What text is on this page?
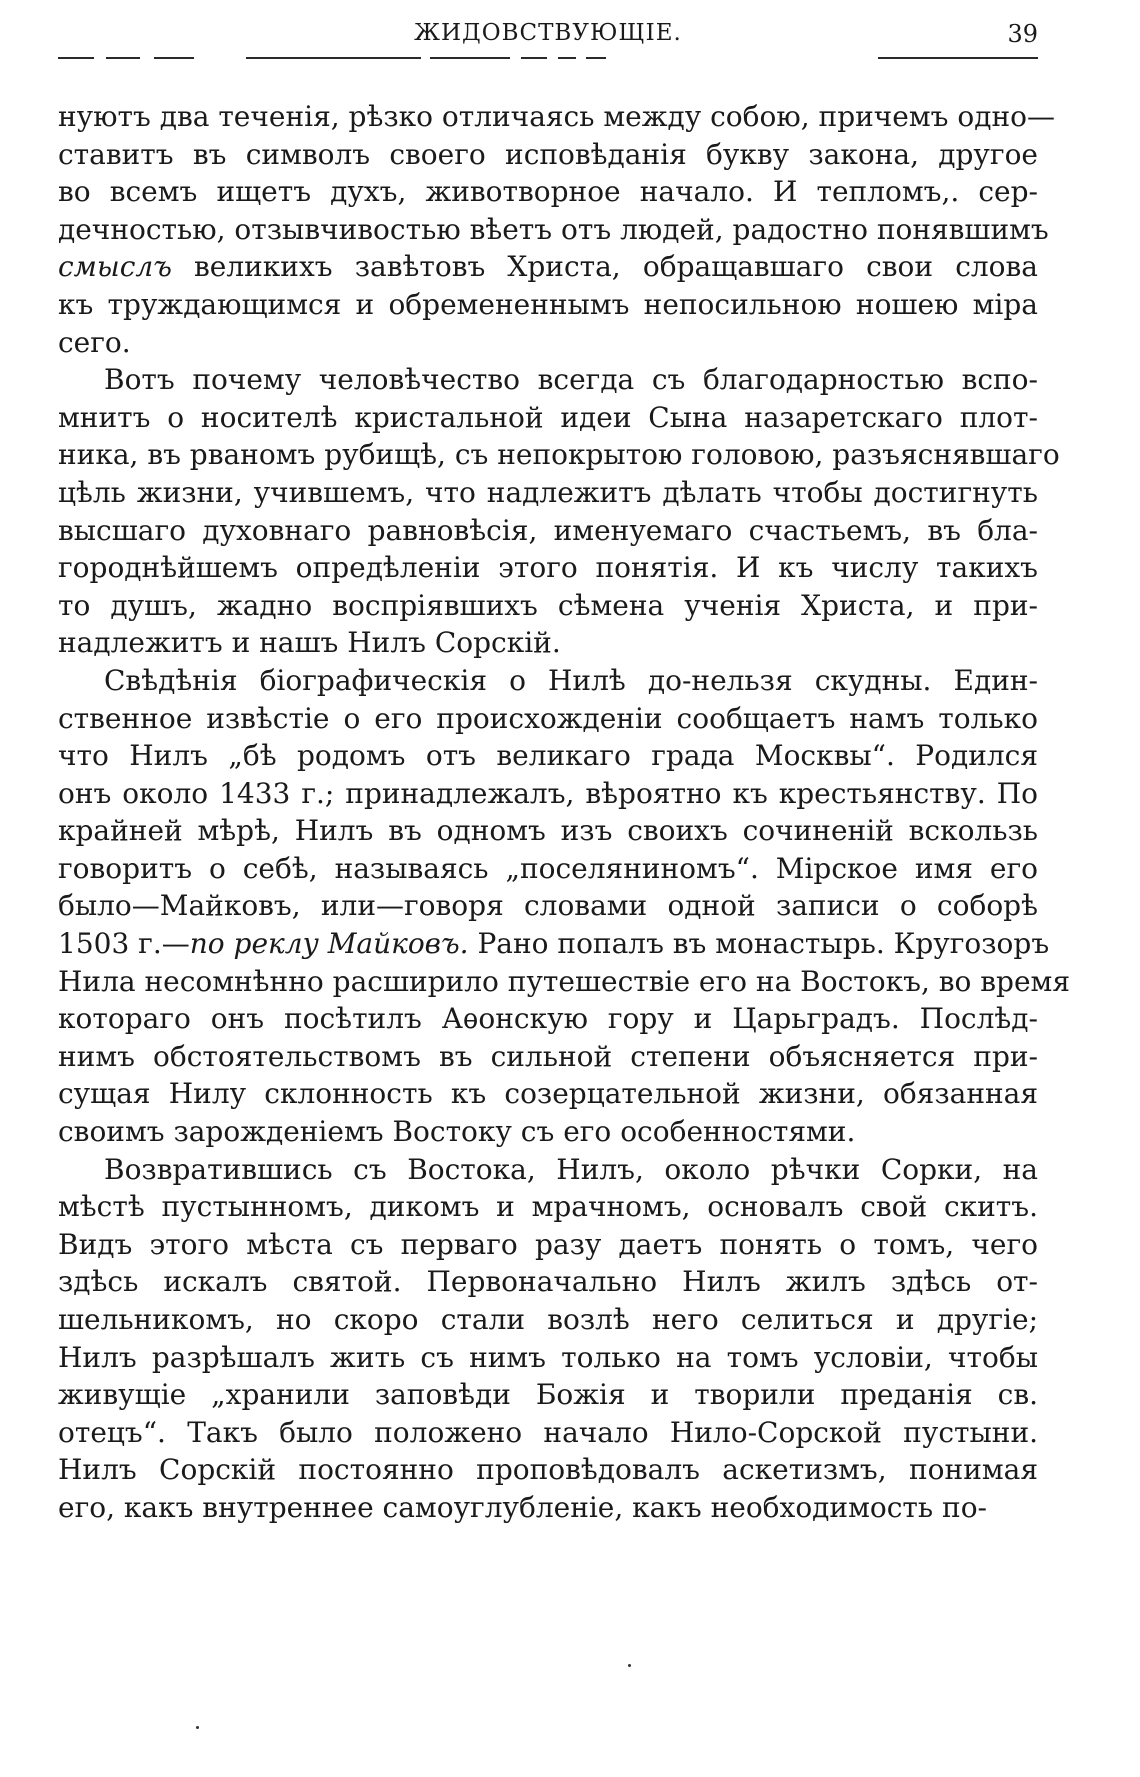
ЖИДОВСТВУЮЩІЕ.	39
нуютъ два теченія, рѣзко отличаясь между собою, причемъ одно—
ставитъ въ символъ своего исповѣданія букву закона, другое
во всемъ ищетъ духъ, животворное начало. И тепломъ,. сер-
дечностью, отзывчивостью вѣетъ отъ людей, радостно понявшимъ
смыслъ великихъ завѣтовъ Христа, обращавшаго свои слова
къ труждающимся и обремененнымъ непосильною ношею міра
сего.
Вотъ почему человѣчество всегда съ благодарностью вспо-
мнитъ о носителѣ кристальной идеи Сына назаретскаго плот-
ника, въ рваномъ рубищѣ, съ непокрытою головою, разъяснявшаго
цѣль жизни, учившемъ, что надлежитъ дѣлать чтобы достигнуть
высшаго духовнаго равновѣсія, именуемаго счастьемъ, въ бла-
городнѣйшемъ опредѣленіи этого понятія. И къ числу такихъ
то душъ, жадно воспріявшихъ сѣмена ученія Христа, и при-
надлежитъ и нашъ Нилъ Сорскій.
Свѣдѣнія біографическія о Нилѣ до-нельзя скудны. Един-
ственное извѣстіе о его происхожденіи сообщаетъ намъ только
что Нилъ „бѣ родомъ отъ великаго града Москвы“. Родился
онъ около 1433 г.; принадлежалъ, вѣроятно къ крестьянству. По
крайней мѣрѣ, Нилъ въ одномъ изъ своихъ сочиненій вскользь
говоритъ о себѣ, называясь „поселяниномъ“. Мірское имя его
было—Майковъ, или—говоря словами одной записи о соборѣ
1503 г.—по реклу Майковъ. Рано попалъ въ монастырь. Кругозоръ
Нила несомнѣнно расширило путешествіе его на Востокъ, во время
котораго онъ посѣтилъ Аѳонскую гору и Царьградъ. Послѣд-
нимъ обстоятельствомъ въ сильной степени объясняется при-
сущая Нилу склонность къ созерцательной жизни, обязанная
своимъ зарожденіемъ Востоку съ его особенностями.
Возвратившись съ Востока, Нилъ, около рѣчки Сорки, на
мѣстѣ пустынномъ, дикомъ и мрачномъ, основалъ свой скитъ.
Видъ этого мѣста съ перваго разу даетъ понять о томъ, чего
здѣсь искалъ святой. Первоначально Нилъ жилъ здѣсь от-
шельникомъ, но скоро стали возлѣ него селиться и другіе;
Нилъ разрѣшалъ жить съ нимъ только на томъ условіи, чтобы
живущіе „хранили заповѣди Божія и творили преданія св.
отецъ“. Такъ было положено начало Нило-Сорской пустыни.
Нилъ Сорскій постоянно проповѣдовалъ аскетизмъ, понимая
его, какъ внутреннее самоуглубленіе, какъ необходимость по-
